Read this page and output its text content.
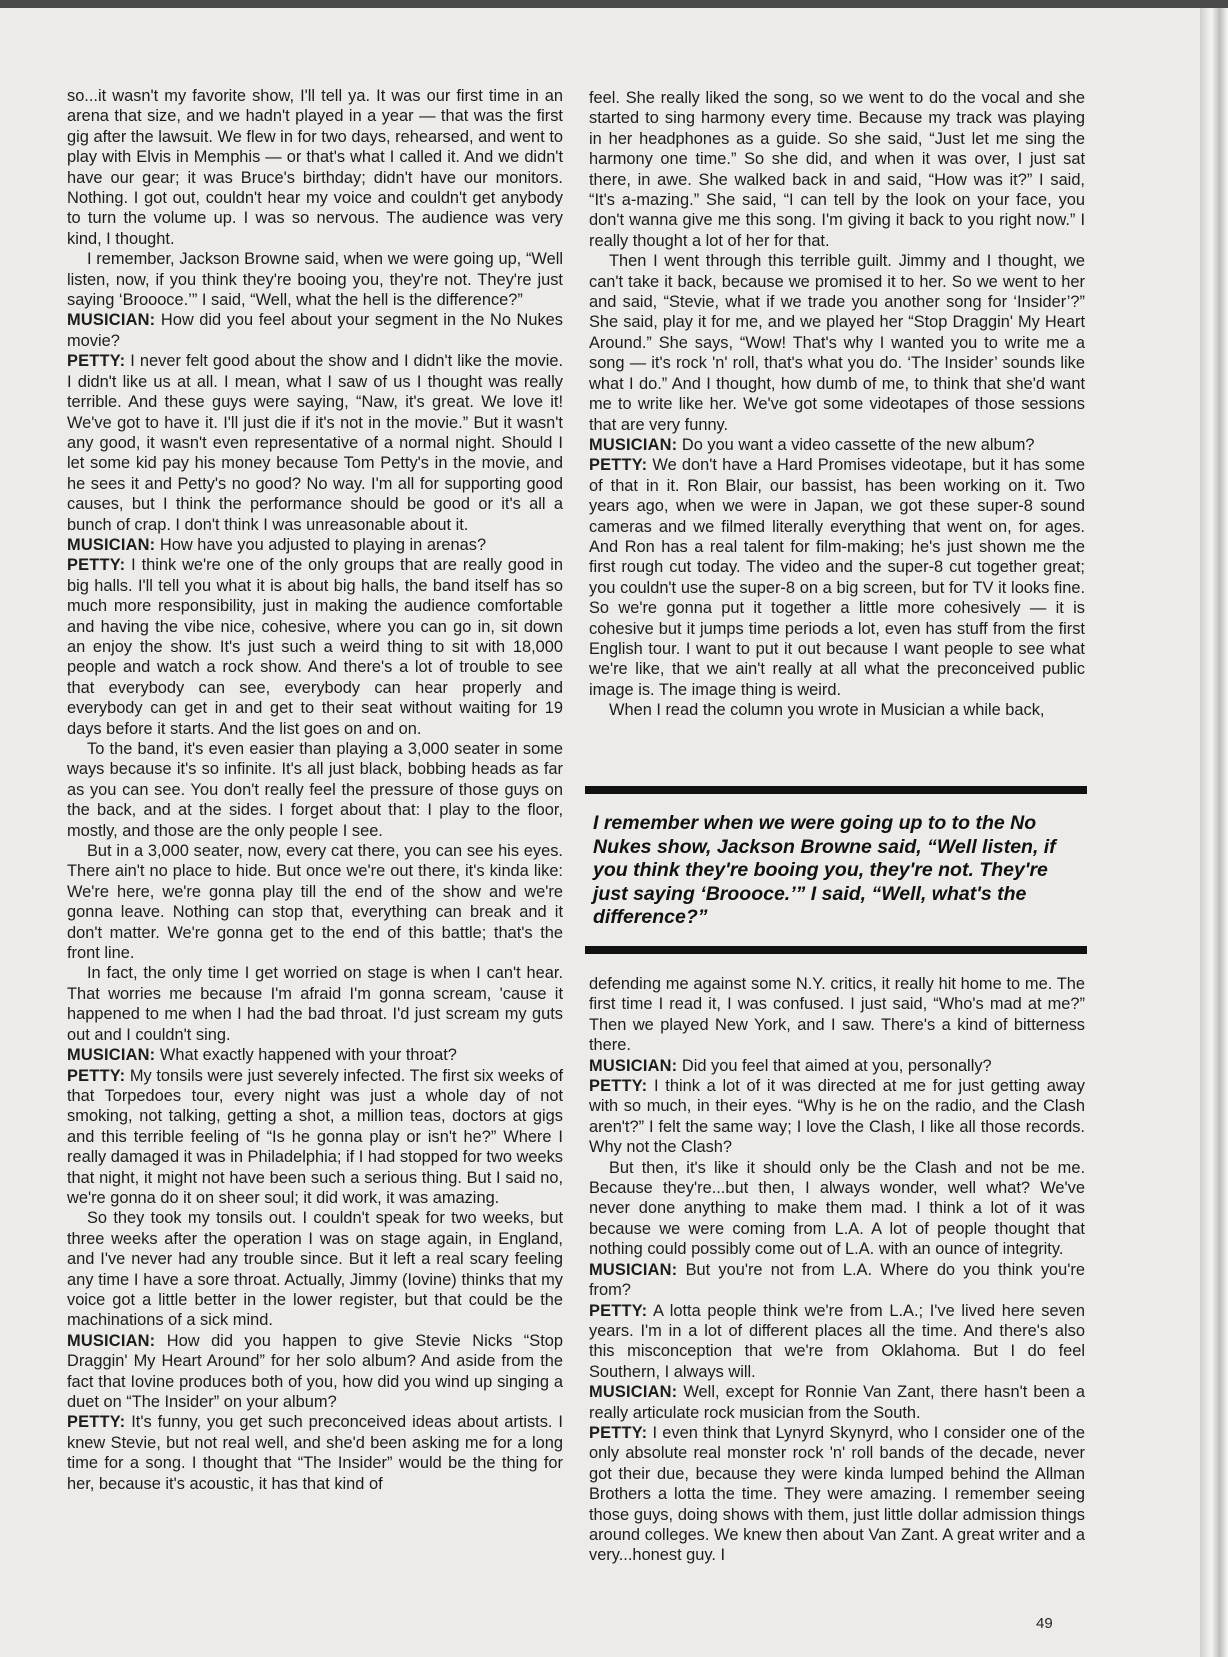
so...it wasn't my favorite show, I'll tell ya. It was our first time in an arena that size, and we hadn't played in a year — that was the first gig after the lawsuit. We flew in for two days, rehearsed, and went to play with Elvis in Memphis — or that's what I called it. And we didn't have our gear; it was Bruce's birthday; didn't have our monitors. Nothing. I got out, couldn't hear my voice and couldn't get anybody to turn the volume up. I was so nervous. The audience was very kind, I thought.

I remember, Jackson Browne said, when we were going up, “Well listen, now, if you think they're booing you, they're not. They're just saying ‘Broooce.’” I said, “Well, what the hell is the difference?”

MUSICIAN: How did you feel about your segment in the No Nukes movie?

PETTY: I never felt good about the show and I didn't like the movie. I didn't like us at all. I mean, what I saw of us I thought was really terrible. And these guys were saying, “Naw, it's great. We love it! We've got to have it. I'll just die if it's not in the movie.” But it wasn't any good, it wasn't even representative of a normal night. Should I let some kid pay his money because Tom Petty's in the movie, and he sees it and Petty's no good? No way. I'm all for supporting good causes, but I think the performance should be good or it's all a bunch of crap. I don't think I was unreasonable about it.

MUSICIAN: How have you adjusted to playing in arenas?

PETTY: I think we're one of the only groups that are really good in big halls. I'll tell you what it is about big halls, the band itself has so much more responsibility, just in making the audience comfortable and having the vibe nice, cohesive, where you can go in, sit down an enjoy the show. It's just such a weird thing to sit with 18,000 people and watch a rock show. And there's a lot of trouble to see that everybody can see, everybody can hear properly and everybody can get in and get to their seat without waiting for 19 days before it starts. And the list goes on and on.

To the band, it's even easier than playing a 3,000 seater in some ways because it's so infinite. It's all just black, bobbing heads as far as you can see. You don't really feel the pressure of those guys on the back, and at the sides. I forget about that: I play to the floor, mostly, and those are the only people I see.

But in a 3,000 seater, now, every cat there, you can see his eyes. There ain't no place to hide. But once we're out there, it's kinda like: We're here, we're gonna play till the end of the show and we're gonna leave. Nothing can stop that, everything can break and it don't matter. We're gonna get to the end of this battle; that's the front line.

In fact, the only time I get worried on stage is when I can't hear. That worries me because I'm afraid I'm gonna scream, 'cause it happened to me when I had the bad throat. I'd just scream my guts out and I couldn't sing.

MUSICIAN: What exactly happened with your throat?

PETTY: My tonsils were just severely infected. The first six weeks of that Torpedoes tour, every night was just a whole day of not smoking, not talking, getting a shot, a million teas, doctors at gigs and this terrible feeling of “Is he gonna play or isn't he?” Where I really damaged it was in Philadelphia; if I had stopped for two weeks that night, it might not have been such a serious thing. But I said no, we're gonna do it on sheer soul; it did work, it was amazing.

So they took my tonsils out. I couldn't speak for two weeks, but three weeks after the operation I was on stage again, in England, and I've never had any trouble since. But it left a real scary feeling any time I have a sore throat. Actually, Jimmy (Iovine) thinks that my voice got a little better in the lower register, but that could be the machinations of a sick mind.

MUSICIAN: How did you happen to give Stevie Nicks “Stop Draggin' My Heart Around” for her solo album? And aside from the fact that Iovine produces both of you, how did you wind up singing a duet on “The Insider” on your album?

PETTY: It's funny, you get such preconceived ideas about artists. I knew Stevie, but not real well, and she'd been asking me for a long time for a song. I thought that “The Insider” would be the thing for her, because it's acoustic, it has that kind of

feel. She really liked the song, so we went to do the vocal and she started to sing harmony every time. Because my track was playing in her headphones as a guide. So she said, “Just let me sing the harmony one time.” So she did, and when it was over, I just sat there, in awe. She walked back in and said, “How was it?” I said, “It's a-mazing.” She said, “I can tell by the look on your face, you don't wanna give me this song. I'm giving it back to you right now.” I really thought a lot of her for that.

Then I went through this terrible guilt. Jimmy and I thought, we can't take it back, because we promised it to her. So we went to her and said, “Stevie, what if we trade you another song for ‘Insider’?” She said, play it for me, and we played her “Stop Draggin' My Heart Around.” She says, “Wow! That's why I wanted you to write me a song — it's rock 'n' roll, that's what you do. ‘The Insider’ sounds like what I do.” And I thought, how dumb of me, to think that she'd want me to write like her. We've got some videotapes of those sessions that are very funny.

MUSICIAN: Do you want a video cassette of the new album?

PETTY: We don't have a Hard Promises videotape, but it has some of that in it. Ron Blair, our bassist, has been working on it. Two years ago, when we were in Japan, we got these super-8 sound cameras and we filmed literally everything that went on, for ages. And Ron has a real talent for film-making; he's just shown me the first rough cut today. The video and the super-8 cut together great; you couldn't use the super-8 on a big screen, but for TV it looks fine. So we're gonna put it together a little more cohesively — it is cohesive but it jumps time periods a lot, even has stuff from the first English tour. I want to put it out because I want people to see what we're like, that we ain't really at all what the preconceived public image is. The image thing is weird.

When I read the column you wrote in Musician a while back,

I remember when we were going up to to the No Nukes show, Jackson Browne said, “Well listen, if you think they're booing you, they're not. They're just saying ‘Broooce.’” I said, “Well, what's the difference?”

defending me against some N.Y. critics, it really hit home to me. The first time I read it, I was confused. I just said, “Who's mad at me?” Then we played New York, and I saw. There's a kind of bitterness there.

MUSICIAN: Did you feel that aimed at you, personally?

PETTY: I think a lot of it was directed at me for just getting away with so much, in their eyes. “Why is he on the radio, and the Clash aren't?” I felt the same way; I love the Clash, I like all those records. Why not the Clash?

But then, it's like it should only be the Clash and not be me. Because they're...but then, I always wonder, well what? We've never done anything to make them mad. I think a lot of it was because we were coming from L.A. A lot of people thought that nothing could possibly come out of L.A. with an ounce of integrity.

MUSICIAN: But you're not from L.A. Where do you think you're from?

PETTY: A lotta people think we're from L.A.; I've lived here seven years. I'm in a lot of different places all the time. And there's also this misconception that we're from Oklahoma. But I do feel Southern, I always will.

MUSICIAN: Well, except for Ronnie Van Zant, there hasn't been a really articulate rock musician from the South.

PETTY: I even think that Lynyrd Skynyrd, who I consider one of the only absolute real monster rock 'n' roll bands of the decade, never got their due, because they were kinda lumped behind the Allman Brothers a lotta the time. They were amazing. I remember seeing those guys, doing shows with them, just little dollar admission things around colleges. We knew then about Van Zant. A great writer and a very...honest guy. I

49
